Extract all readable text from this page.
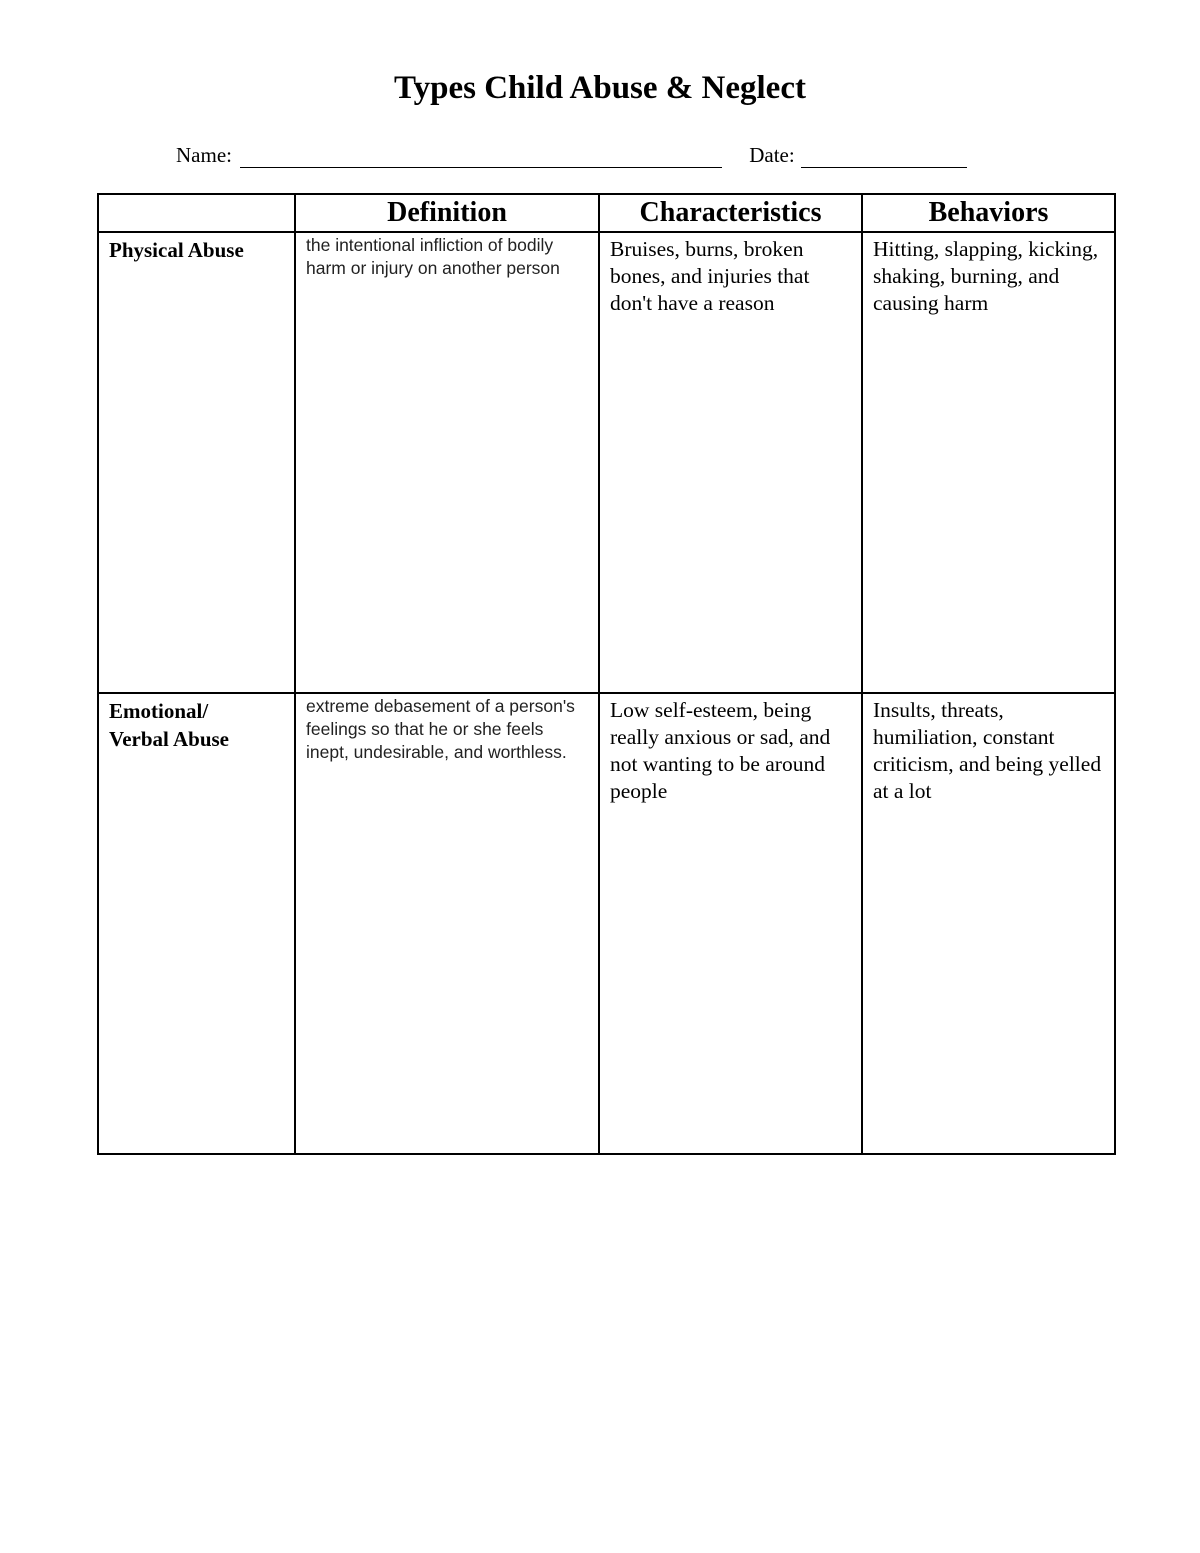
Types Child Abuse & Neglect
Name:	Date:
	Definition	Characteristics	Behaviors
Physical Abuse	the intentional infliction of bodily harm or injury on another person	Bruises, burns, broken bones, and injuries that don't have a reason	Hitting, slapping, kicking, shaking, burning, and causing harm
Emotional/ Verbal Abuse	extreme debasement of a person's feelings so that he or she feels inept, undesirable, and worthless.	Low self-esteem, being really anxious or sad, and not wanting to be around people	Insults, threats, humiliation, constant criticism, and being yelled at a lot
